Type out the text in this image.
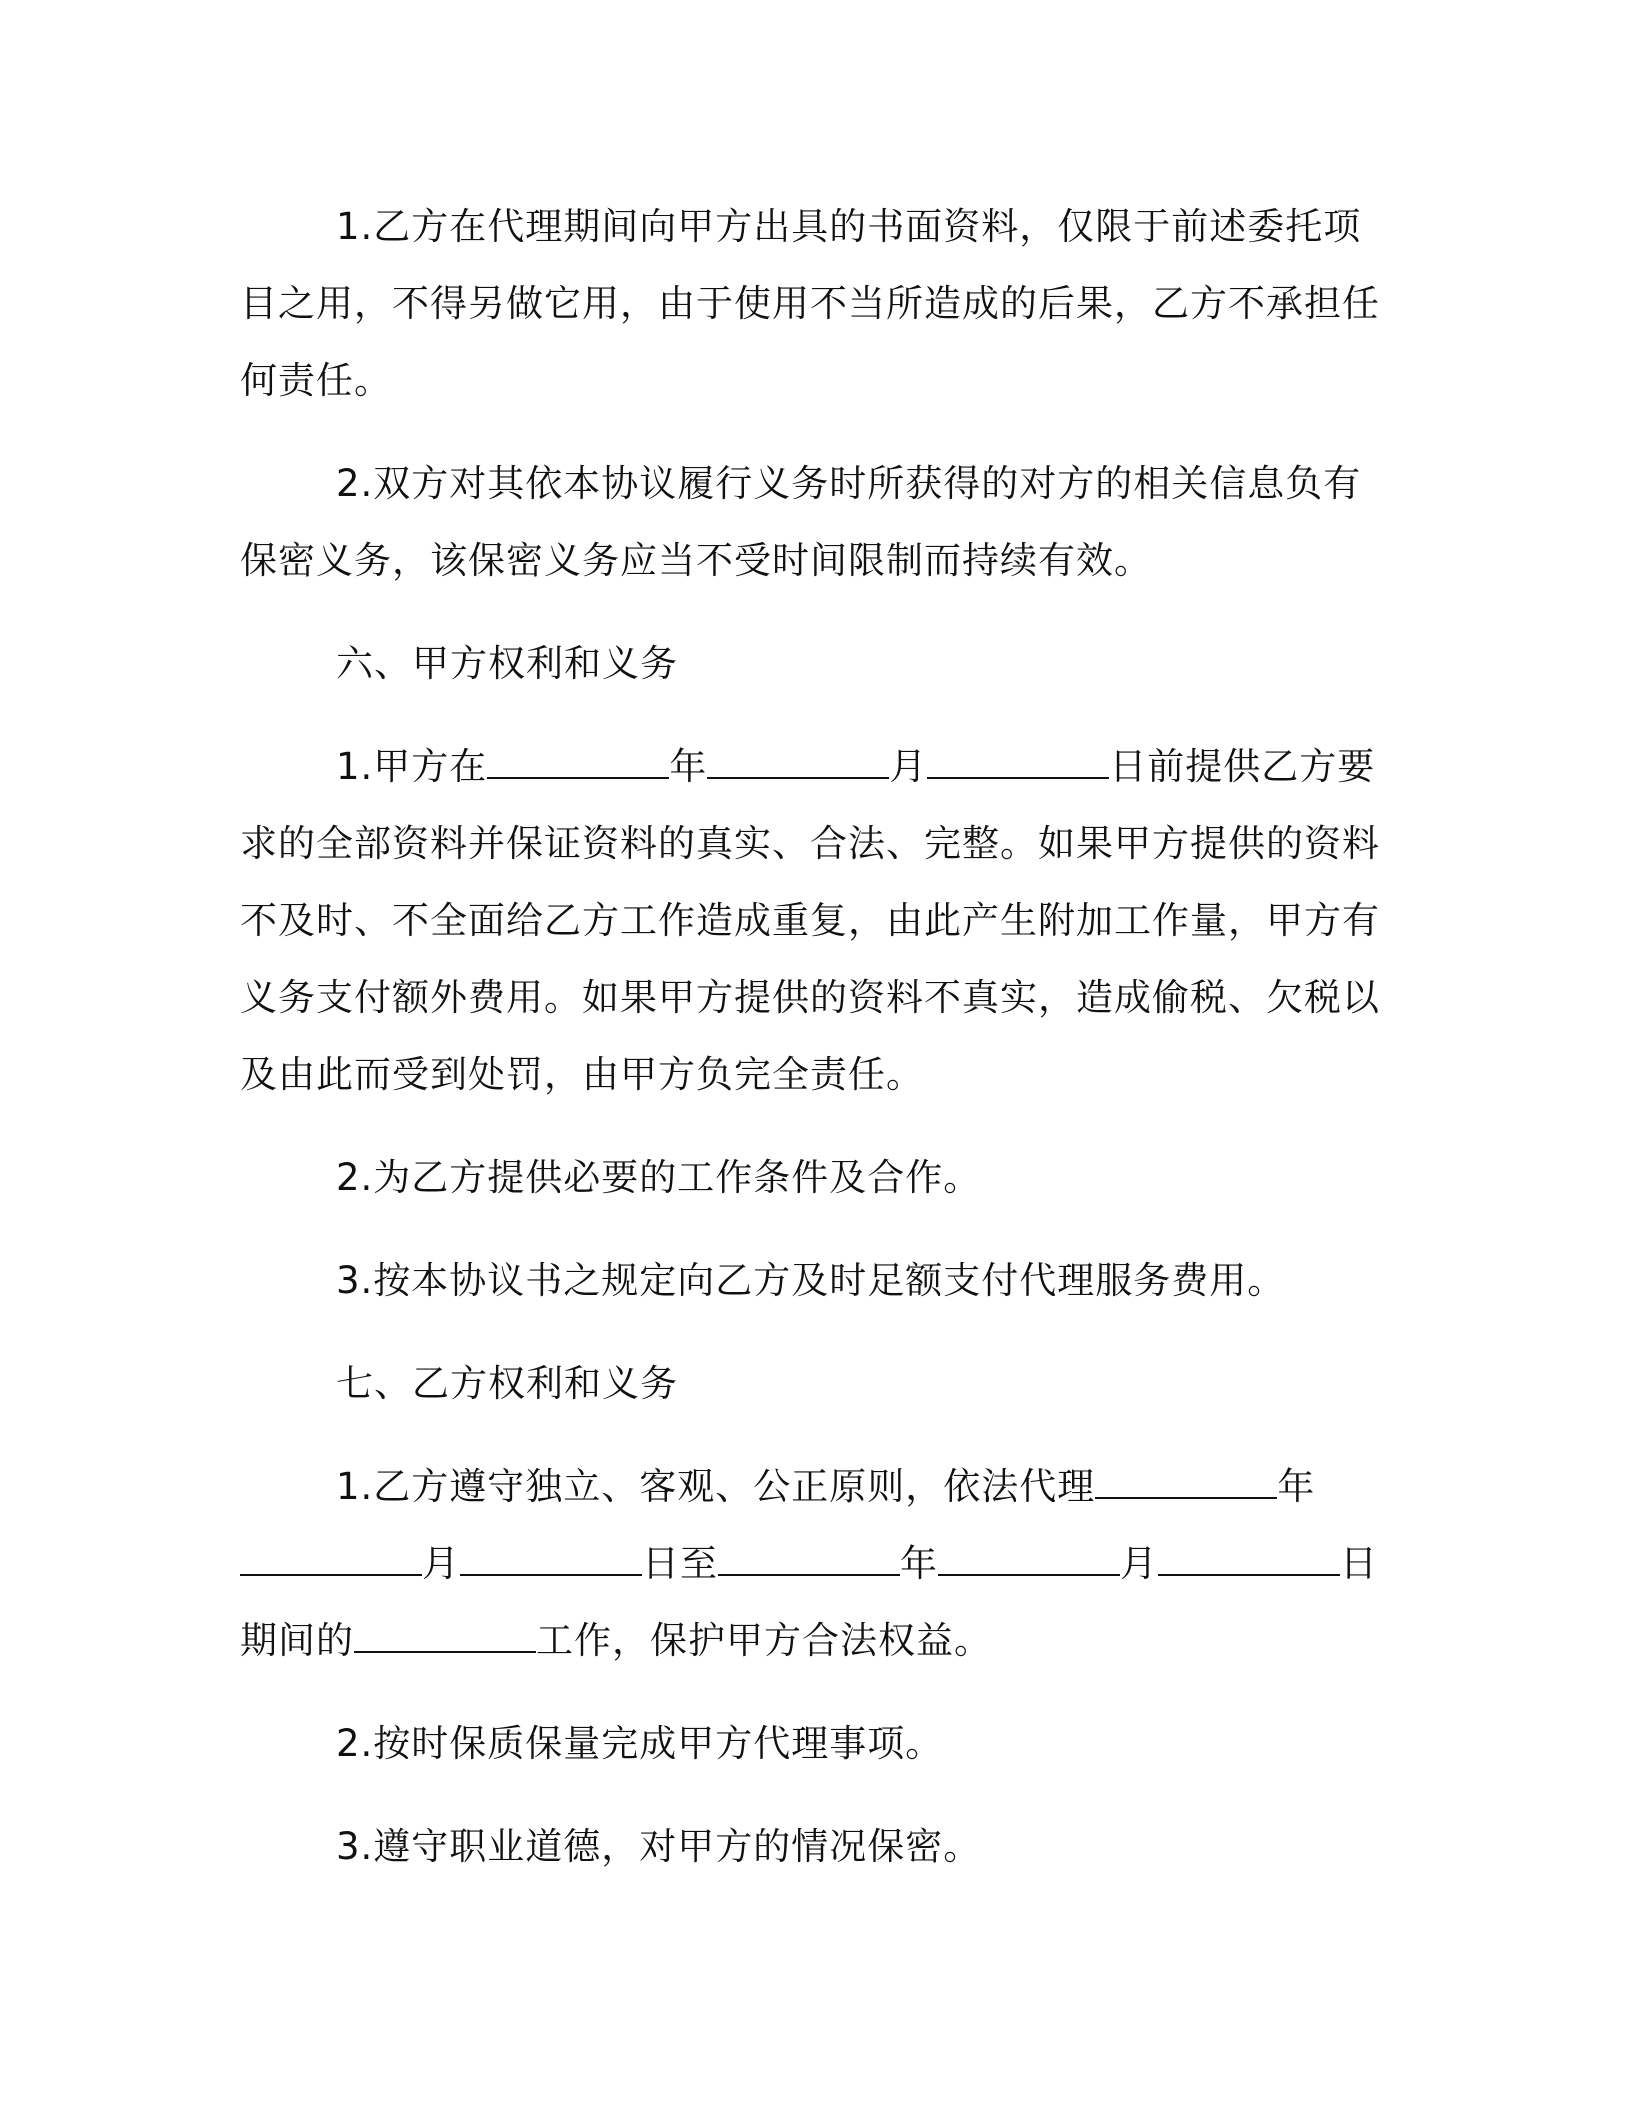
1.乙方在代理期间向甲方出具的书面资料，仅限于前述委托项目之用，不得另做它用，由于使用不当所造成的后果，乙方不承担任何责任。

2.双方对其依本协议履行义务时所获得的对方的相关信息负有保密义务，该保密义务应当不受时间限制而持续有效。

六、甲方权利和义务

1.甲方在	年	月	日前提供乙方要求的全部资料并保证资料的真实、合法、完整。如果甲方提供的资料不及时、不全面给乙方工作造成重复，由此产生附加工作量，甲方有义务支付额外费用。如果甲方提供的资料不真实，造成偷税、欠税以及由此而受到处罚，由甲方负完全责任。

2.为乙方提供必要的工作条件及合作。

3.按本协议书之规定向乙方及时足额支付代理服务费用。

七、乙方权利和义务

1.乙方遵守独立、客观、公正原则，依法代理	年月	日至	年	月	日期间的	工作，保护甲方合法权益。

2.按时保质保量完成甲方代理事项。

3.遵守职业道德，对甲方的情况保密。
